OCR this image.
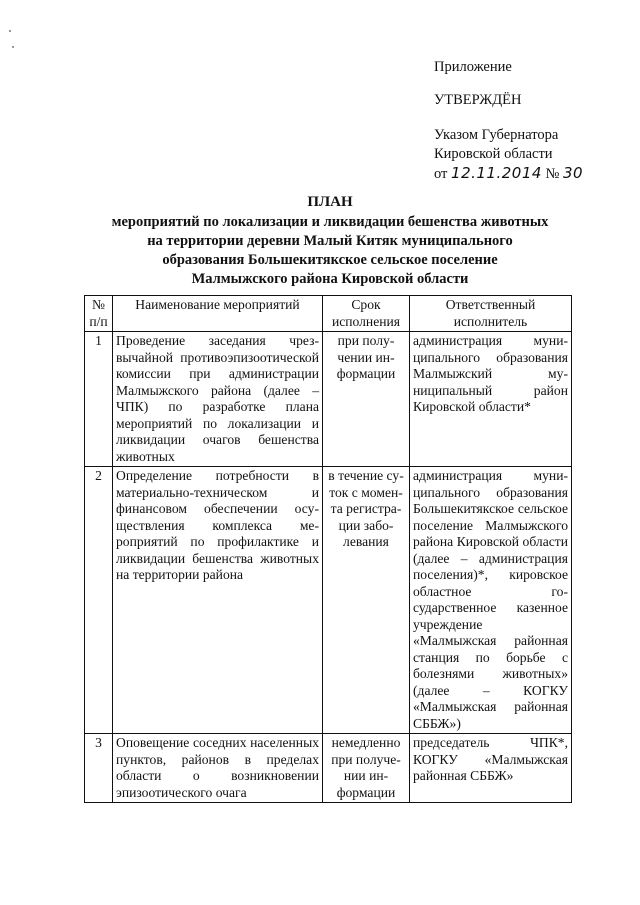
Приложение
УТВЕРЖДЁН
Указом Губернатора
Кировской области
от 12.11.2014 № 30
ПЛАН
мероприятий по локализации и ликвидации бешенства животных
на территории деревни Малый Китяк муниципального
образования Большекитякское сельское поселение
Малмыжского района Кировской области
№ п/п	Наименование мероприятий	Срок исполнения	Ответственный исполнитель
1	Проведение заседания чрезвычайной противоэпизоотической комиссии при администрации Малмыжского района (далее – ЧПК) по разработке плана мероприятий по локализации и ликвидации очагов бешенства животных	при получении информации	администрация муниципального образования Малмыжский муниципальный район Кировской области*
2	Определение потребности в материально-техническом и финансовом обеспечении осуществления комплекса мероприятий по профилактике и ликвидации бешенства животных на территории района	в течение суток с момента регистрации заболевания	администрация муниципального образования Большекитякское сельское поселение Малмыжского района Кировской области (далее – администрация поселения)*, кировское областное государственное казенное учреждение «Малмыжская районная станция по борьбе с болезнями животных» (далее – КОГКУ «Малмыжская районная СББЖ»)
3	Оповещение соседних населенных пунктов, районов в пределах области о возникновении эпизоотического очага	немедленно при получении информации	председатель ЧПК*, КОГКУ «Малмыжская районная СББЖ»
